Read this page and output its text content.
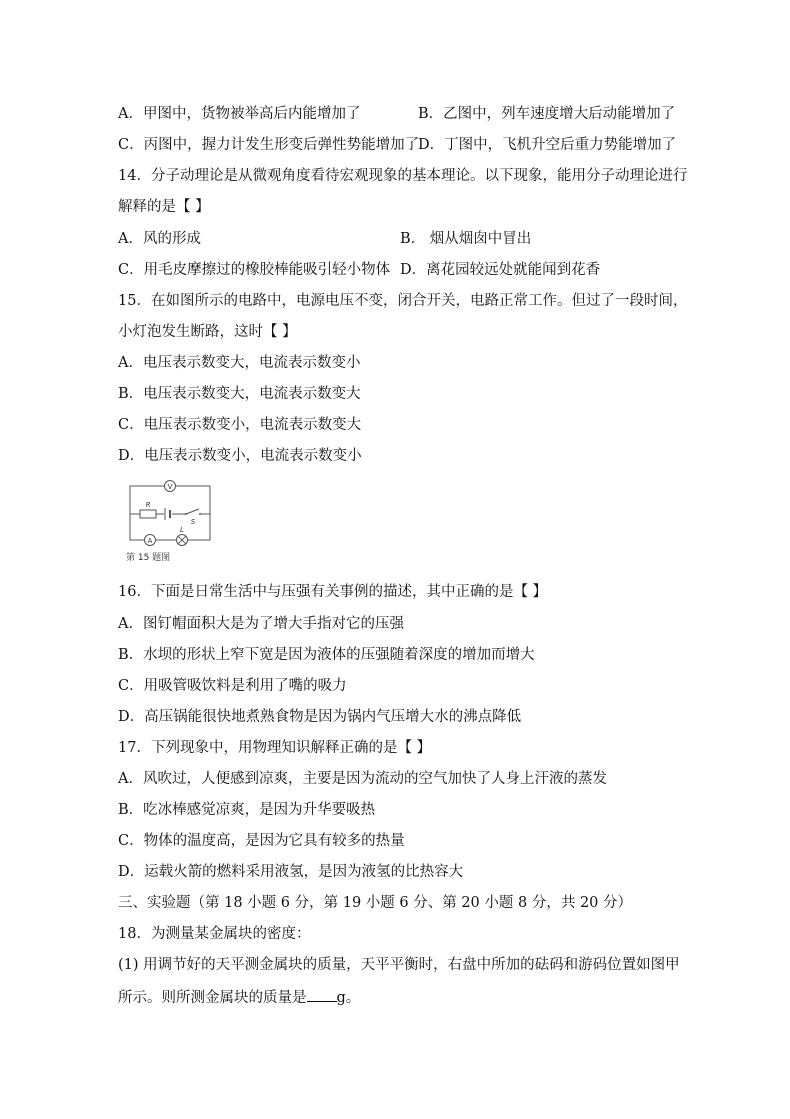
A．甲图中，货物被举高后内能增加了	B．乙图中，列车速度增大后动能增加了
C．丙图中，握力计发生形变后弹性势能增加了
D．丁图中，飞机升空后重力势能增加了
14．分子动理论是从微观角度看待宏观现象的基本理论。以下现象，能用分子动理论进行
解释的是【 】
A．风的形成	B． 烟从烟囱中冒出
C．用毛皮摩擦过的橡胶棒能吸引轻小物体 D．离花园较远处就能闻到花香
15．在如图所示的电路中，电源电压不变，闭合开关，电路正常工作。但过了一段时间，
小灯泡发生断路，这时【 】
A．电压表示数变大，电流表示数变小
B．电压表示数变大，电流表示数变大
C．电压表示数变小，电流表示数变大
D．电压表示数变小，电流表示数变小
V
R
S
A
L
第 15 题图
16．下面是日常生活中与压强有关事例的描述，其中正确的是【 】
A．图钉帽面积大是为了增大手指对它的压强
B．水坝的形状上窄下宽是因为液体的压强随着深度的增加而增大
C．用吸管吸饮料是利用了嘴的吸力
D．高压锅能很快地煮熟食物是因为锅内气压增大水的沸点降低
17．下列现象中，用物理知识解释正确的是【 】
A．风吹过，人便感到凉爽，主要是因为流动的空气加快了人身上汗液的蒸发
B．吃冰棒感觉凉爽，是因为升华要吸热
C．物体的温度高，是因为它具有较多的热量
D．运载火箭的燃料采用液氢，是因为液氢的比热容大
三、实验题（第 18 小题 6 分，第 19 小题 6 分、第 20 小题 8 分，共 20 分）
18．为测量某金属块的密度：
(1) 用调节好的天平测金属块的质量，天平平衡时，右盘中所加的砝码和游码位置如图甲
所示。则所测金属块的质量是 g。
